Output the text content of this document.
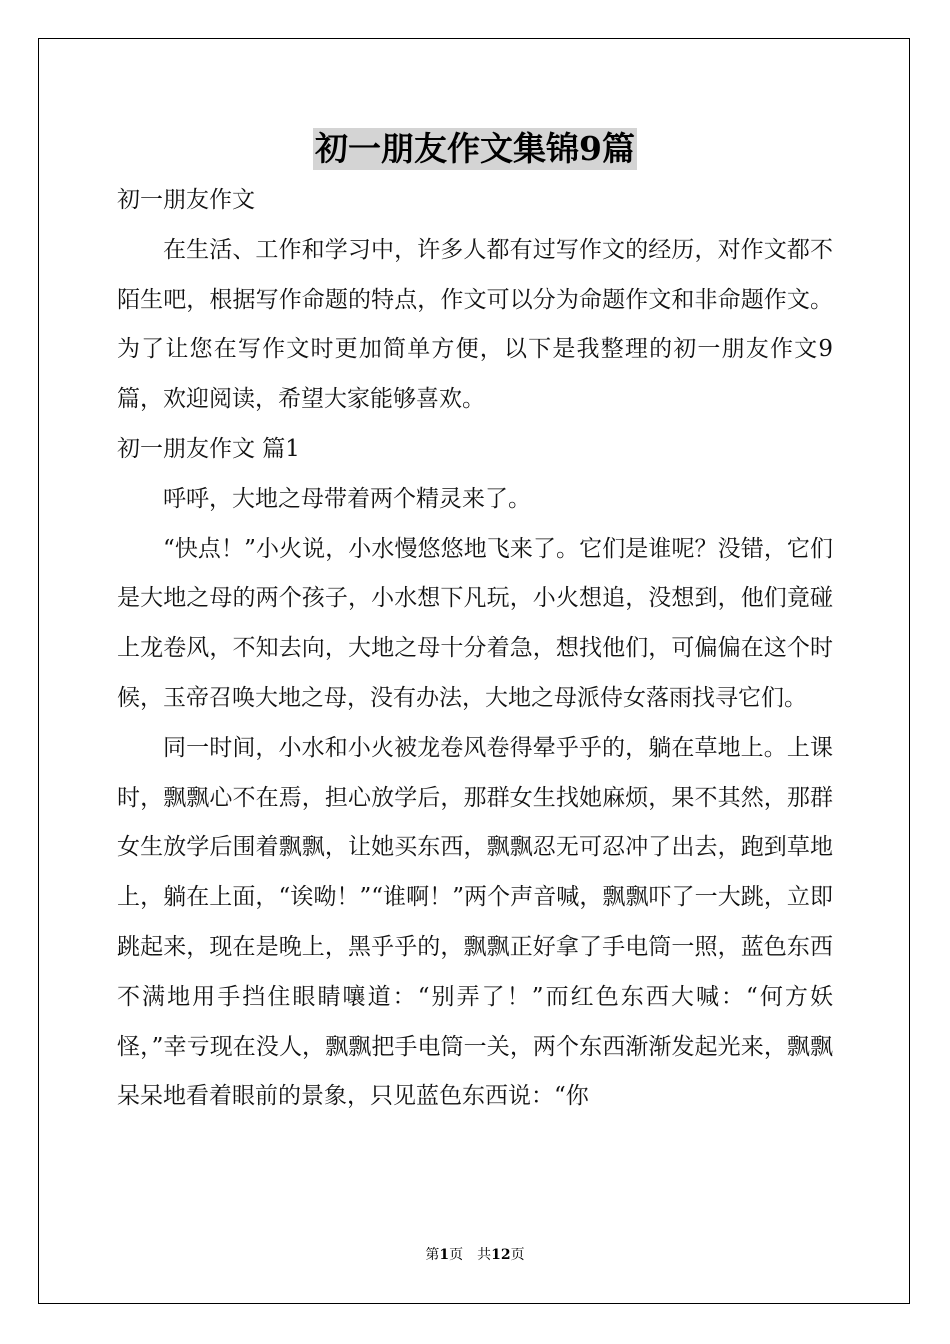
初一朋友作文集锦9篇

初一朋友作文

在生活、工作和学习中，许多人都有过写作文的经历，对作文都不陌生吧，根据写作命题的特点，作文可以分为命题作文和非命题作文。为了让您在写作文时更加简单方便，以下是我整理的初一朋友作文9篇，欢迎阅读，希望大家能够喜欢。

初一朋友作文 篇1

呼呼，大地之母带着两个精灵来了。

“快点！”小火说，小水慢悠悠地飞来了。它们是谁呢？没错，它们是大地之母的两个孩子，小水想下凡玩，小火想追，没想到，他们竟碰上龙卷风，不知去向，大地之母十分着急，想找他们，可偏偏在这个时候，玉帝召唤大地之母，没有办法，大地之母派侍女落雨找寻它们。

同一时间，小水和小火被龙卷风卷得晕乎乎的，躺在草地上。上课时，飘飘心不在焉，担心放学后，那群女生找她麻烦，果不其然，那群女生放学后围着飘飘，让她买东西，飘飘忍无可忍冲了出去，跑到草地上，躺在上面，“诶呦！”“谁啊！”两个声音喊，飘飘吓了一大跳，立即跳起来，现在是晚上，黑乎乎的，飘飘正好拿了手电筒一照，蓝色东西不满地用手挡住眼睛嚷道：“别弄了！”而红色东西大喊：“何方妖怪，”幸亏现在没人，飘飘把手电筒一关，两个东西渐渐发起光来，飘飘呆呆地看着眼前的景象，只见蓝色东西说：“你

第1页　共12页
